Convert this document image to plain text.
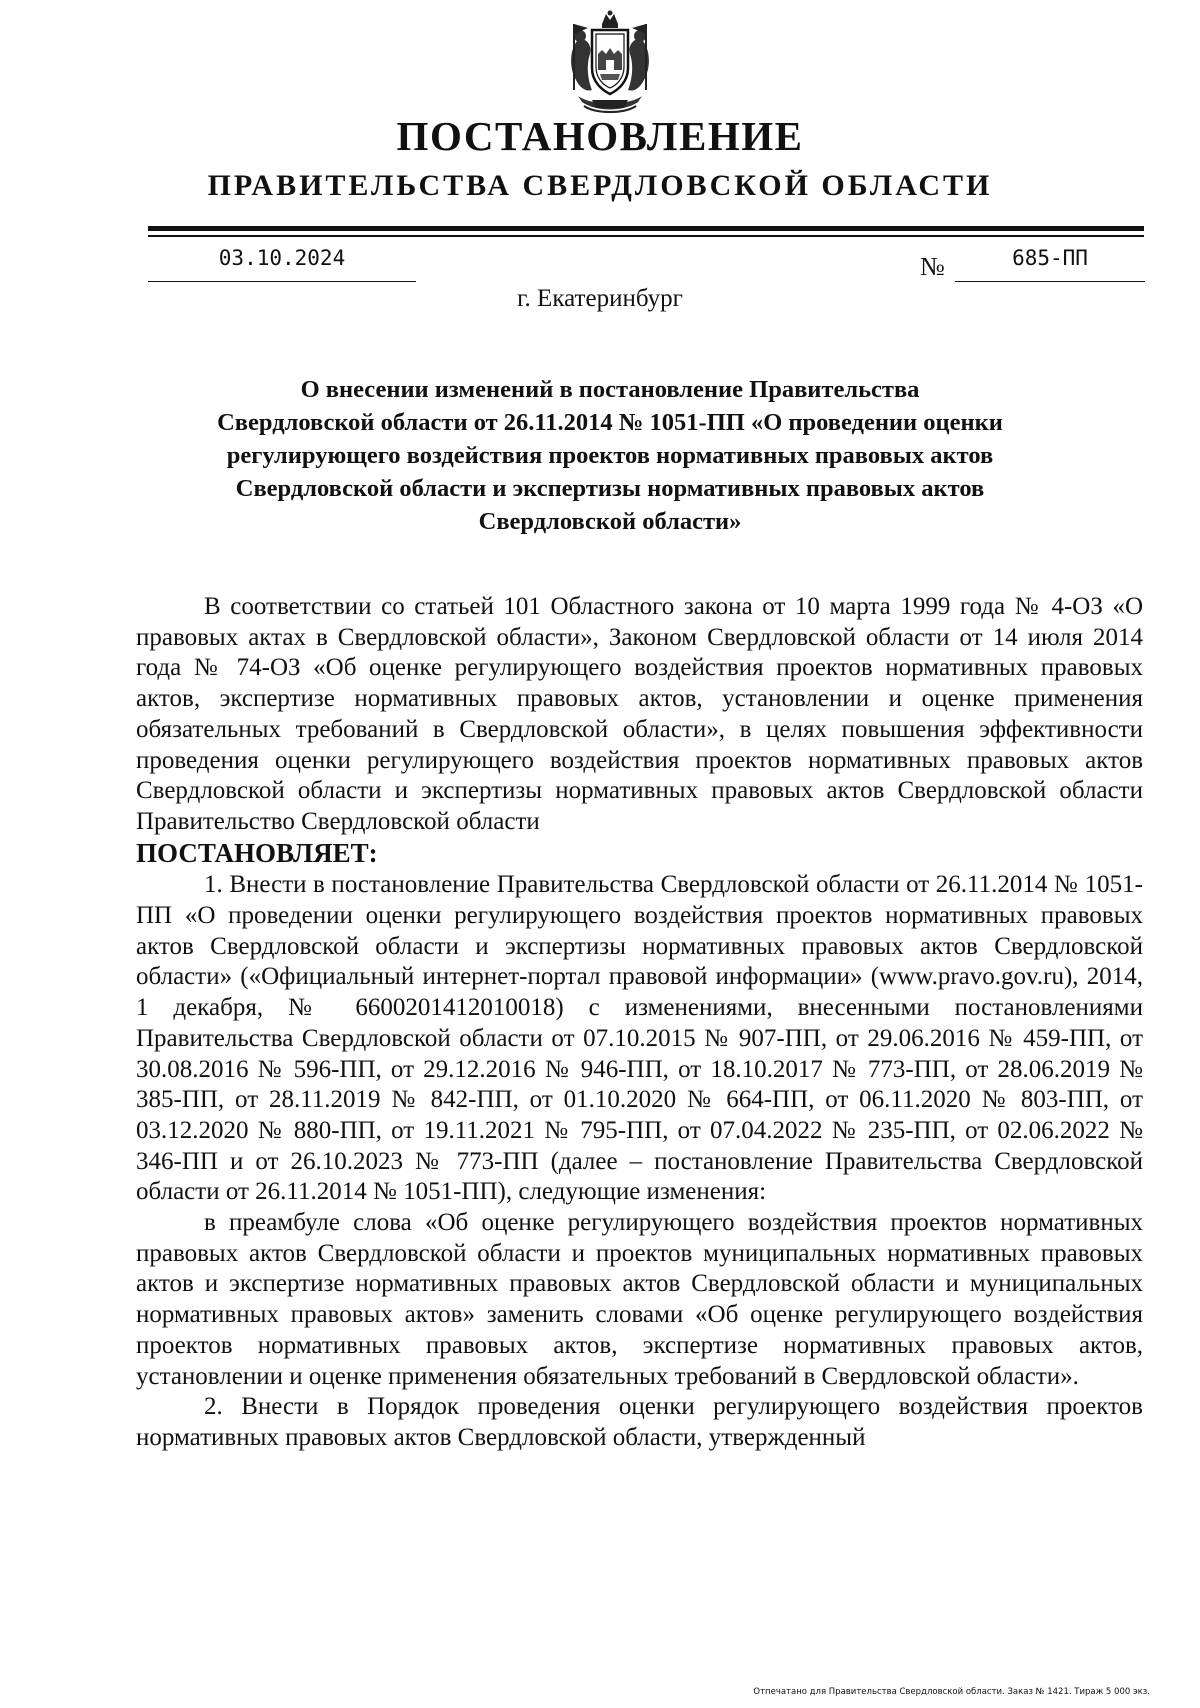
ПОСТАНОВЛЕНИЕ
ПРАВИТЕЛЬСТВА СВЕРДЛОВСКОЙ ОБЛАСТИ
03.10.2024	№	685-ПП
г. Екатеринбург
О внесении изменений в постановление Правительства
Свердловской области от 26.11.2014 № 1051-ПП «О проведении оценки
регулирующего воздействия проектов нормативных правовых актов
Свердловской области и экспертизы нормативных правовых актов
Свердловской области»

В соответствии со статьей 101 Областного закона от 10 марта 1999 года № 4-ОЗ «О правовых актах в Свердловской области», Законом Свердловской области от 14 июля 2014 года № 74-ОЗ «Об оценке регулирующего воздействия проектов нормативных правовых актов, экспертизе нормативных правовых актов, установлении и оценке применения обязательных требований в Свердловской области», в целях повышения эффективности проведения оценки регулирующего воздействия проектов нормативных правовых актов Свердловской области и экспертизы нормативных правовых актов Свердловской области Правительство Свердловской области

ПОСТАНОВЛЯЕТ:

1. Внести в постановление Правительства Свердловской области от 26.11.2014 № 1051-ПП «О проведении оценки регулирующего воздействия проектов нормативных правовых актов Свердловской области и экспертизы нормативных правовых актов Свердловской области» («Официальный интернет-портал правовой информации» (www.pravo.gov.ru), 2014, 1 декабря, № 6600201412010018) с изменениями, внесенными постановлениями Правительства Свердловской области от 07.10.2015 № 907-ПП, от 29.06.2016 № 459-ПП, от 30.08.2016 № 596-ПП, от 29.12.2016 № 946-ПП, от 18.10.2017 № 773-ПП, от 28.06.2019 № 385-ПП, от 28.11.2019 № 842-ПП, от 01.10.2020 № 664-ПП, от 06.11.2020 № 803-ПП, от 03.12.2020 № 880-ПП, от 19.11.2021 № 795-ПП, от 07.04.2022 № 235-ПП, от 02.06.2022 № 346-ПП и от 26.10.2023 № 773-ПП (далее – постановление Правительства Свердловской области от 26.11.2014 № 1051-ПП), следующие изменения:

в преамбуле слова «Об оценке регулирующего воздействия проектов нормативных правовых актов Свердловской области и проектов муниципальных нормативных правовых актов и экспертизе нормативных правовых актов Свердловской области и муниципальных нормативных правовых актов» заменить словами «Об оценке регулирующего воздействия проектов нормативных правовых актов, экспертизе нормативных правовых актов, установлении и оценке применения обязательных требований в Свердловской области».

2. Внести в Порядок проведения оценки регулирующего воздействия проектов нормативных правовых актов Свердловской области, утвержденный

Отпечатано для Правительства Свердловской области. Заказ № 1421. Тираж 5 000 экз.
